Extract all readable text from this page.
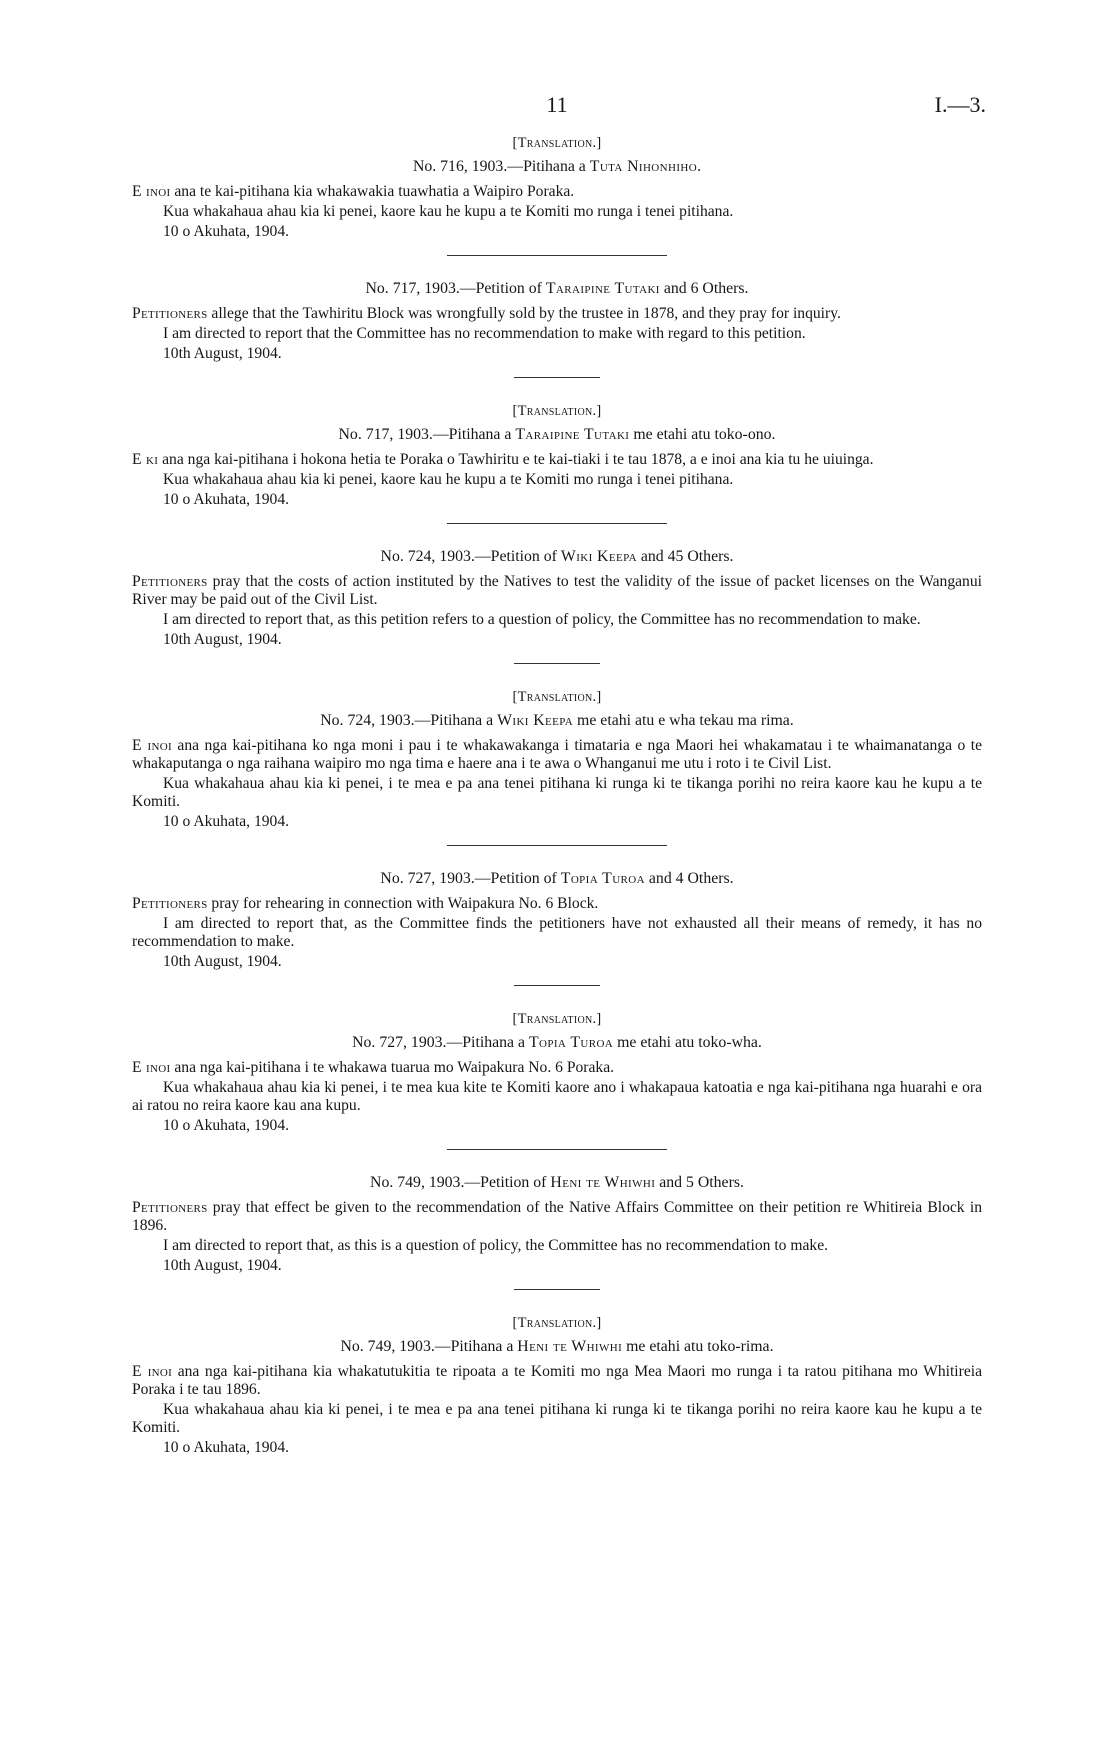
11	I.—3.
[Translation.]
No. 716, 1903.—Pitihana a Tuta Nihonhiho.

E inoi ana te kai-pitihana kia whakawakia tuawhatia a Waipiro Poraka.

Kua whakahaua ahau kia ki penei, kaore kau he kupu a te Komiti mo runga i tenei pitihana.

10 o Akuhata, 1904.
No. 717, 1903.—Petition of Taraipine Tutaki and 6 Others.

Petitioners allege that the Tawhiritu Block was wrongfully sold by the trustee in 1878, and they pray for inquiry.

I am directed to report that the Committee has no recommendation to make with regard to this petition.

10th August, 1904.
[Translation.]
No. 717, 1903.—Pitihana a Taraipine Tutaki me etahi atu toko-ono.

E ki ana nga kai-pitihana i hokona hetia te Poraka o Tawhiritu e te kai-tiaki i te tau 1878, a e inoi ana kia tu he uiuinga.

Kua whakahaua ahau kia ki penei, kaore kau he kupu a te Komiti mo runga i tenei pitihana.

10 o Akuhata, 1904.
No. 724, 1903.—Petition of Wiki Keepa and 45 Others.

Petitioners pray that the costs of action instituted by the Natives to test the validity of the issue of packet licenses on the Wanganui River may be paid out of the Civil List.

I am directed to report that, as this petition refers to a question of policy, the Committee has no recommendation to make.

10th August, 1904.
[Translation.]
No. 724, 1903.—Pitihana a Wiki Keepa me etahi atu e wha tekau ma rima.

E inoi ana nga kai-pitihana ko nga moni i pau i te whakawakanga i timataria e nga Maori hei whakamatau i te whaimanatanga o te whakaputanga o nga raihana waipiro mo nga tima e haere ana i te awa o Whanganui me utu i roto i te Civil List.

Kua whakahaua ahau kia ki penei, i te mea e pa ana tenei pitihana ki runga ki te tikanga porihi no reira kaore kau he kupu a te Komiti.

10 o Akuhata, 1904.
No. 727, 1903.—Petition of Topia Turoa and 4 Others.

Petitioners pray for rehearing in connection with Waipakura No. 6 Block.

I am directed to report that, as the Committee finds the petitioners have not exhausted all their means of remedy, it has no recommendation to make.

10th August, 1904.
[Translation.]
No. 727, 1903.—Pitihana a Topia Turoa me etahi atu toko-wha.

E inoi ana nga kai-pitihana i te whakawa tuarua mo Waipakura No. 6 Poraka.

Kua whakahaua ahau kia ki penei, i te mea kua kite te Komiti kaore ano i whakapaua katoatia e nga kai-pitihana nga huarahi e ora ai ratou no reira kaore kau ana kupu.

10 o Akuhata, 1904.
No. 749, 1903.—Petition of Heni te Whiwhi and 5 Others.

Petitioners pray that effect be given to the recommendation of the Native Affairs Committee on their petition re Whitireia Block in 1896.

I am directed to report that, as this is a question of policy, the Committee has no recommendation to make.

10th August, 1904.
[Translation.]
No. 749, 1903.—Pitihana a Heni te Whiwhi me etahi atu toko-rima.

E inoi ana nga kai-pitihana kia whakatutukitia te ripoata a te Komiti mo nga Mea Maori mo runga i ta ratou pitihana mo Whitireia Poraka i te tau 1896.

Kua whakahaua ahau kia ki penei, i te mea e pa ana tenei pitihana ki runga ki te tikanga porihi no reira kaore kau he kupu a te Komiti.

10 o Akuhata, 1904.
